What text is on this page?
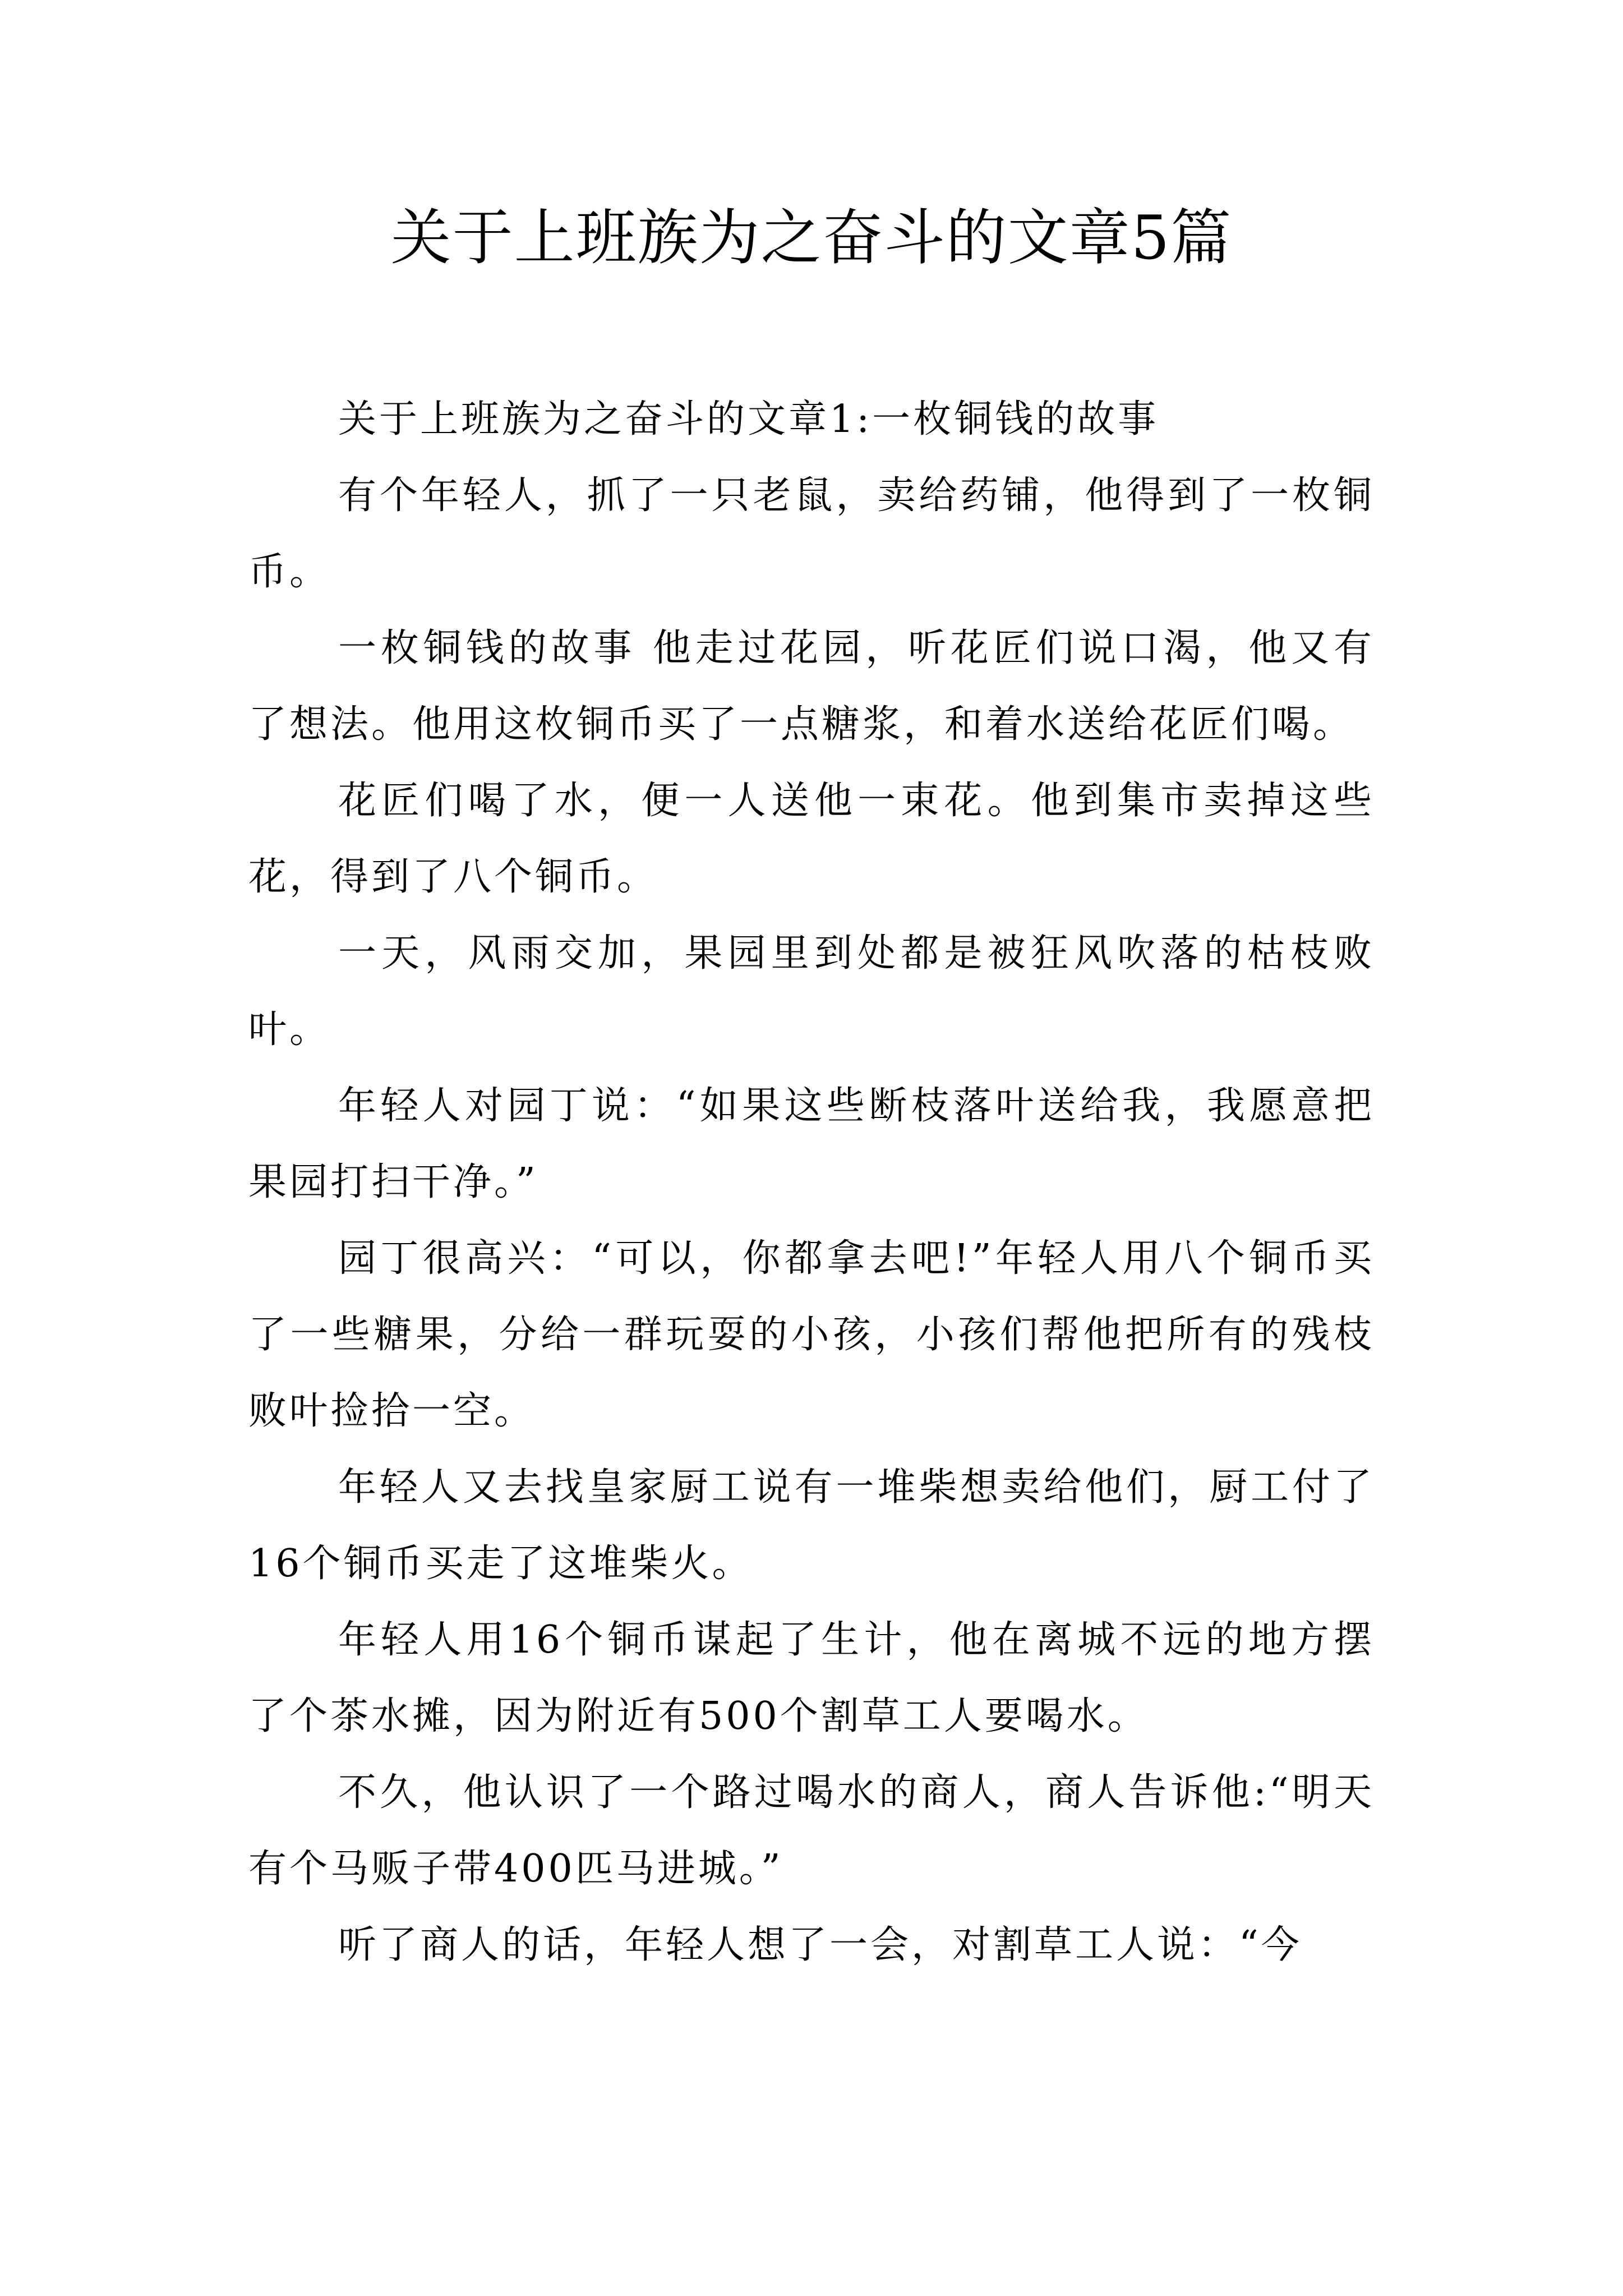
关于上班族为之奋斗的文章5篇

关于上班族为之奋斗的文章1:一枚铜钱的故事

有个年轻人，抓了一只老鼠，卖给药铺，他得到了一枚铜币。

一枚铜钱的故事 他走过花园，听花匠们说口渴，他又有了想法。他用这枚铜币买了一点糖浆，和着水送给花匠们喝。

花匠们喝了水，便一人送他一束花。他到集市卖掉这些花，得到了八个铜币。

一天，风雨交加，果园里到处都是被狂风吹落的枯枝败叶。

年轻人对园丁说：“如果这些断枝落叶送给我，我愿意把果园打扫干净。”

园丁很高兴：“可以，你都拿去吧!”年轻人用八个铜币买了一些糖果，分给一群玩耍的小孩，小孩们帮他把所有的残枝败叶捡拾一空。

年轻人又去找皇家厨工说有一堆柴想卖给他们，厨工付了16个铜币买走了这堆柴火。

年轻人用16个铜币谋起了生计，他在离城不远的地方摆了个茶水摊，因为附近有500个割草工人要喝水。

不久，他认识了一个路过喝水的商人，商人告诉他:“明天有个马贩子带400匹马进城。”

听了商人的话，年轻人想了一会，对割草工人说：“今
